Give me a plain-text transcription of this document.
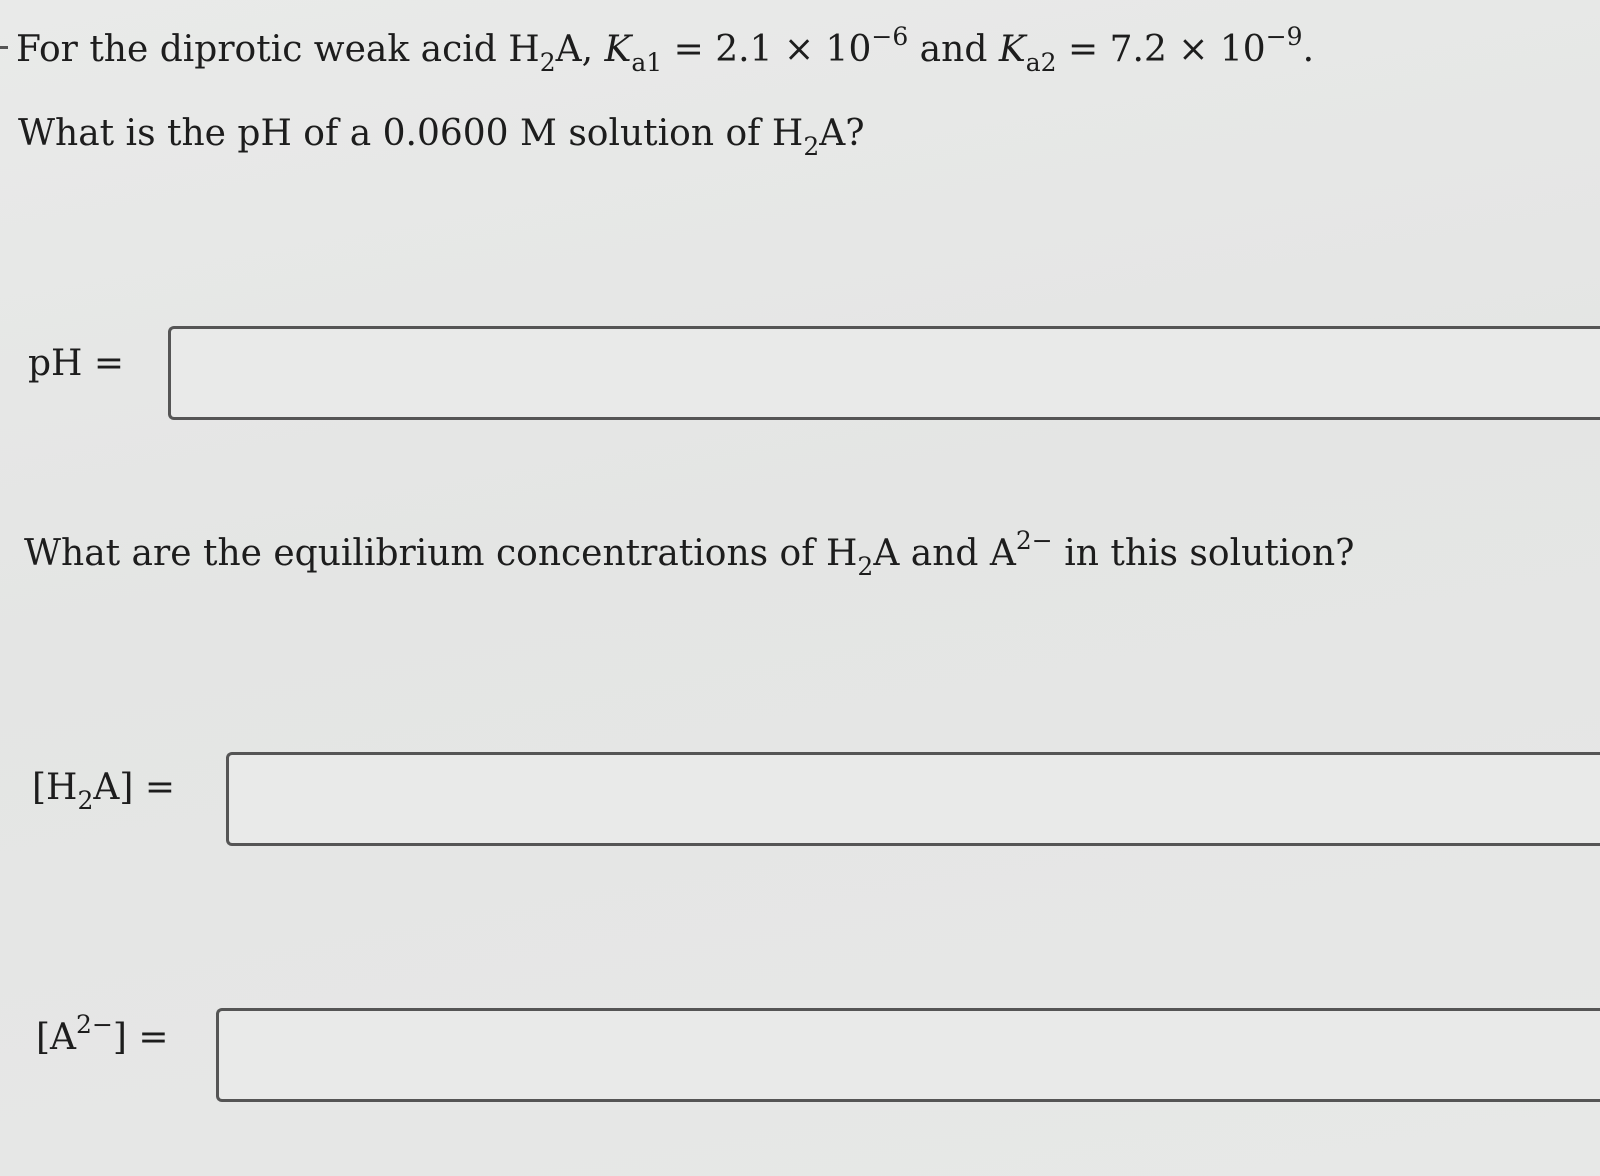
For the diprotic weak acid $H_2A$, $K_{a1} = 2.1 \times 10^{-6}$ and $K_{a2} = 7.2 \times 10^{-9}$.
What is the pH of a 0.0600 M solution of $H_2A$?
pH =
What are the equilibrium concentrations of $H_2A$ and $A^{2-}$ in this solution?
$[H_2A]$ =
$[A^{2-}]$ =
